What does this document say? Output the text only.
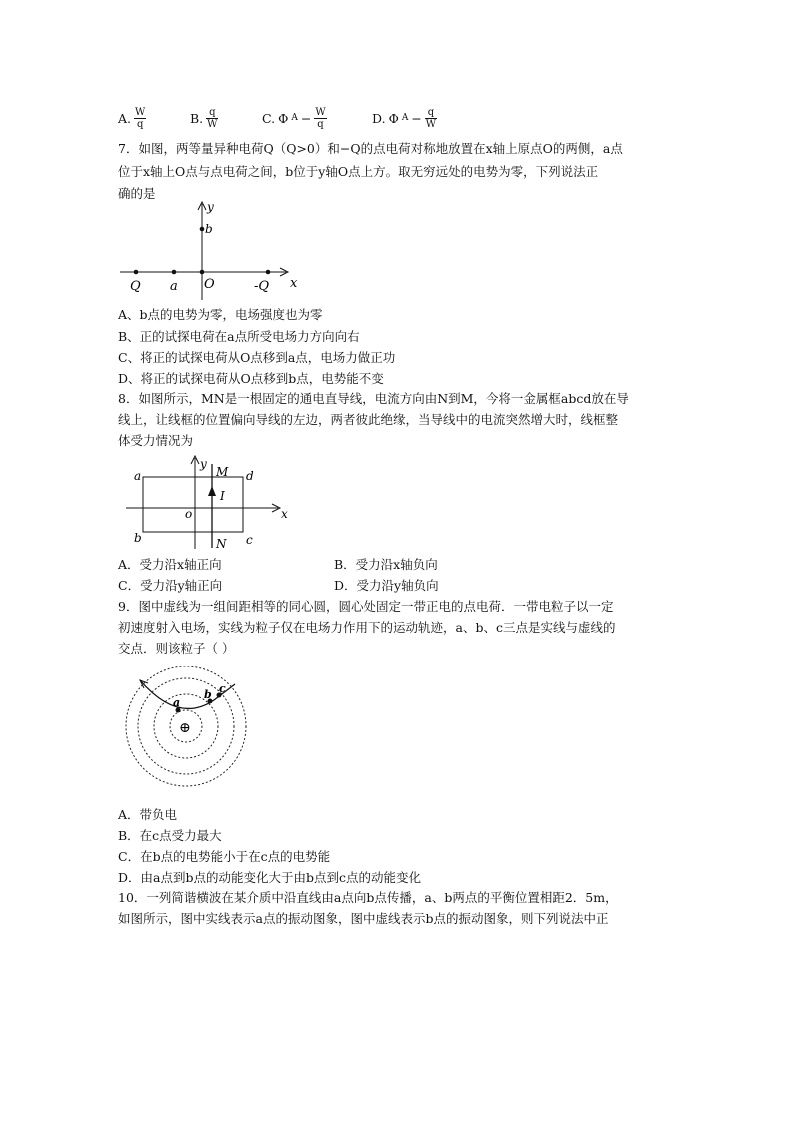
A. $\frac{W}{q}$	B. $\frac{q}{W}$	C. Φ $A - \frac{W}{q}$	D. Φ $A - \frac{q}{W}$
7．如图，两等量异种电荷Q（Q>0）和−Q的点电荷对称地放置在x轴上原点O的两侧，a点
位于x轴上O点与点电荷之间，b位于y轴O点上方。取无穷远处的电势为零，下列说法正
确的是
y
b
Q a O	-Q x
A、b点的电势为零，电场强度也为零
B、正的试探电荷在a点所受电场力方向向右
C、将正的试探电荷从O点移到a点，电场力做正功
D、将正的试探电荷从O点移到b点，电势能不变
8．如图所示，MN是一根固定的通电直导线，电流方向由N到M，今将一金属框abcd放在导
线上，让线框的位置偏向导线的左边，两者彼此绝缘，当导线中的电流突然增大时，线框整
体受力情况为
a
b	c
d
M
N
I
o
y
x
A．受力沿x轴正向	B．受力沿x轴负向
C．受力沿y轴正向	D．受力沿y轴负向
9．图中虚线为一组间距相等的同心圆，圆心处固定一带正电的点电荷．一带电粒子以一定
初速度射入电场，实线为粒子仅在电场力作用下的运动轨迹，a、b、c三点是实线与虚线的
交点．则该粒子（ ）
a
b c
⊕
A．带负电
B．在c点受力最大
C．在b点的电势能小于在c点的电势能
D．由a点到b点的动能变化大于由b点到c点的动能变化
10．一列简谐横波在某介质中沿直线由a点向b点传播，a、b两点的平衡位置相距2．5m，
如图所示，图中实线表示a点的振动图象，图中虚线表示b点的振动图象，则下列说法中正
